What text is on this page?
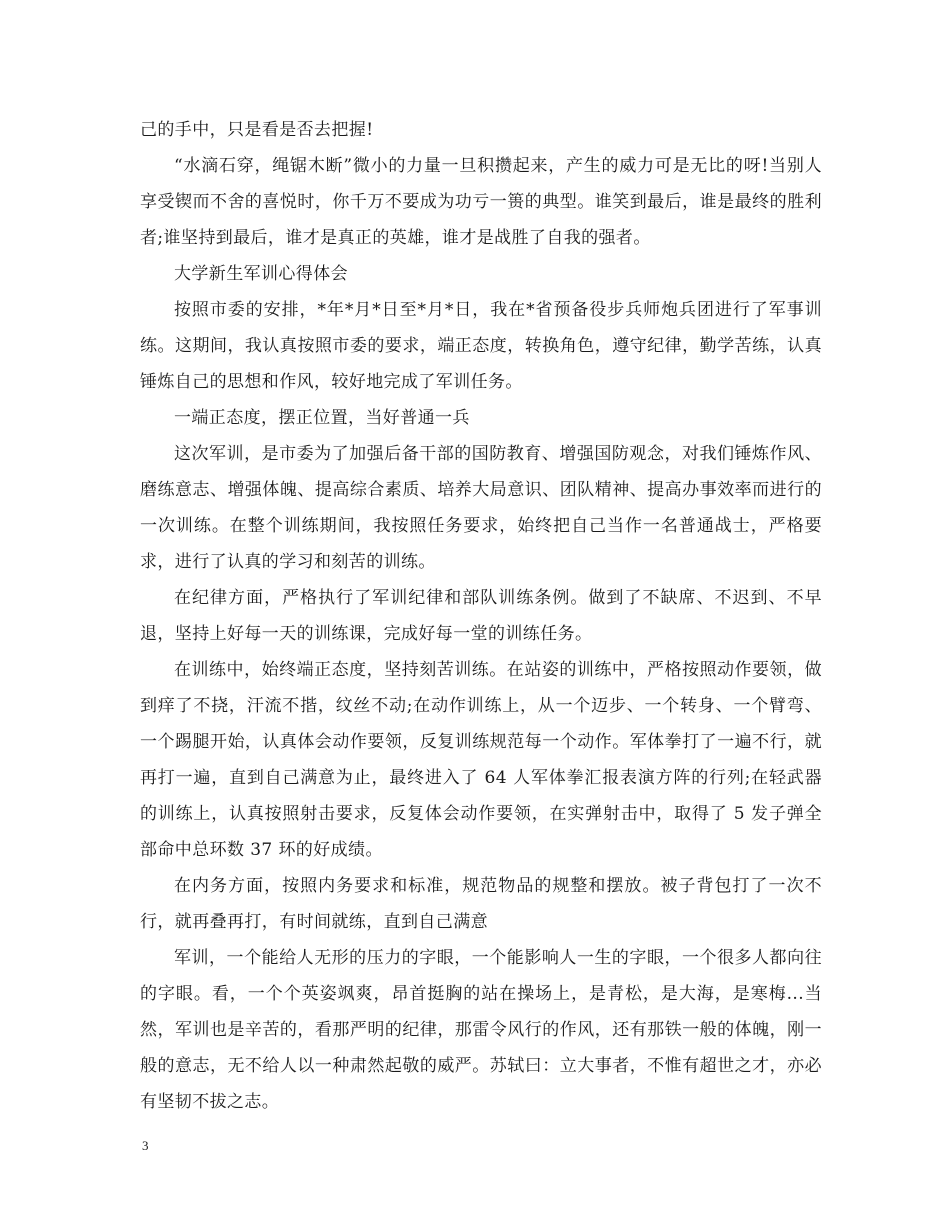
己的手中，只是看是否去把握!

“水滴石穿，绳锯木断”微小的力量一旦积攒起来，产生的威力可是无比的呀!当别人享受锲而不舍的喜悦时，你千万不要成为功亏一篑的典型。谁笑到最后，谁是最终的胜利者;谁坚持到最后，谁才是真正的英雄，谁才是战胜了自我的强者。

大学新生军训心得体会

按照市委的安排，*年*月*日至*月*日，我在*省预备役步兵师炮兵团进行了军事训练。这期间，我认真按照市委的要求，端正态度，转换角色，遵守纪律，勤学苦练，认真锤炼自己的思想和作风，较好地完成了军训任务。

一端正态度，摆正位置，当好普通一兵

这次军训，是市委为了加强后备干部的国防教育、增强国防观念，对我们锤炼作风、磨练意志、增强体魄、提高综合素质、培养大局意识、团队精神、提高办事效率而进行的一次训练。在整个训练期间，我按照任务要求，始终把自己当作一名普通战士，严格要求，进行了认真的学习和刻苦的训练。

在纪律方面，严格执行了军训纪律和部队训练条例。做到了不缺席、不迟到、不早退，坚持上好每一天的训练课，完成好每一堂的训练任务。

在训练中，始终端正态度，坚持刻苦训练。在站姿的训练中，严格按照动作要领，做到痒了不挠，汗流不揩，纹丝不动;在动作训练上，从一个迈步、一个转身、一个臂弯、一个踢腿开始，认真体会动作要领，反复训练规范每一个动作。军体拳打了一遍不行，就再打一遍，直到自己满意为止，最终进入了 64 人军体拳汇报表演方阵的行列;在轻武器的训练上，认真按照射击要求，反复体会动作要领，在实弹射击中，取得了 5 发子弹全部命中总环数 37 环的好成绩。

在内务方面，按照内务要求和标准，规范物品的规整和摆放。被子背包打了一次不行，就再叠再打，有时间就练，直到自己满意

军训，一个能给人无形的压力的字眼，一个能影响人一生的字眼，一个很多人都向往的字眼。看，一个个英姿飒爽，昂首挺胸的站在操场上，是青松，是大海，是寒梅...当然，军训也是辛苦的，看那严明的纪律，那雷令风行的作风，还有那铁一般的体魄，刚一般的意志，无不给人以一种肃然起敬的威严。苏轼曰：立大事者，不惟有超世之才，亦必有坚韧不拔之志。

3
